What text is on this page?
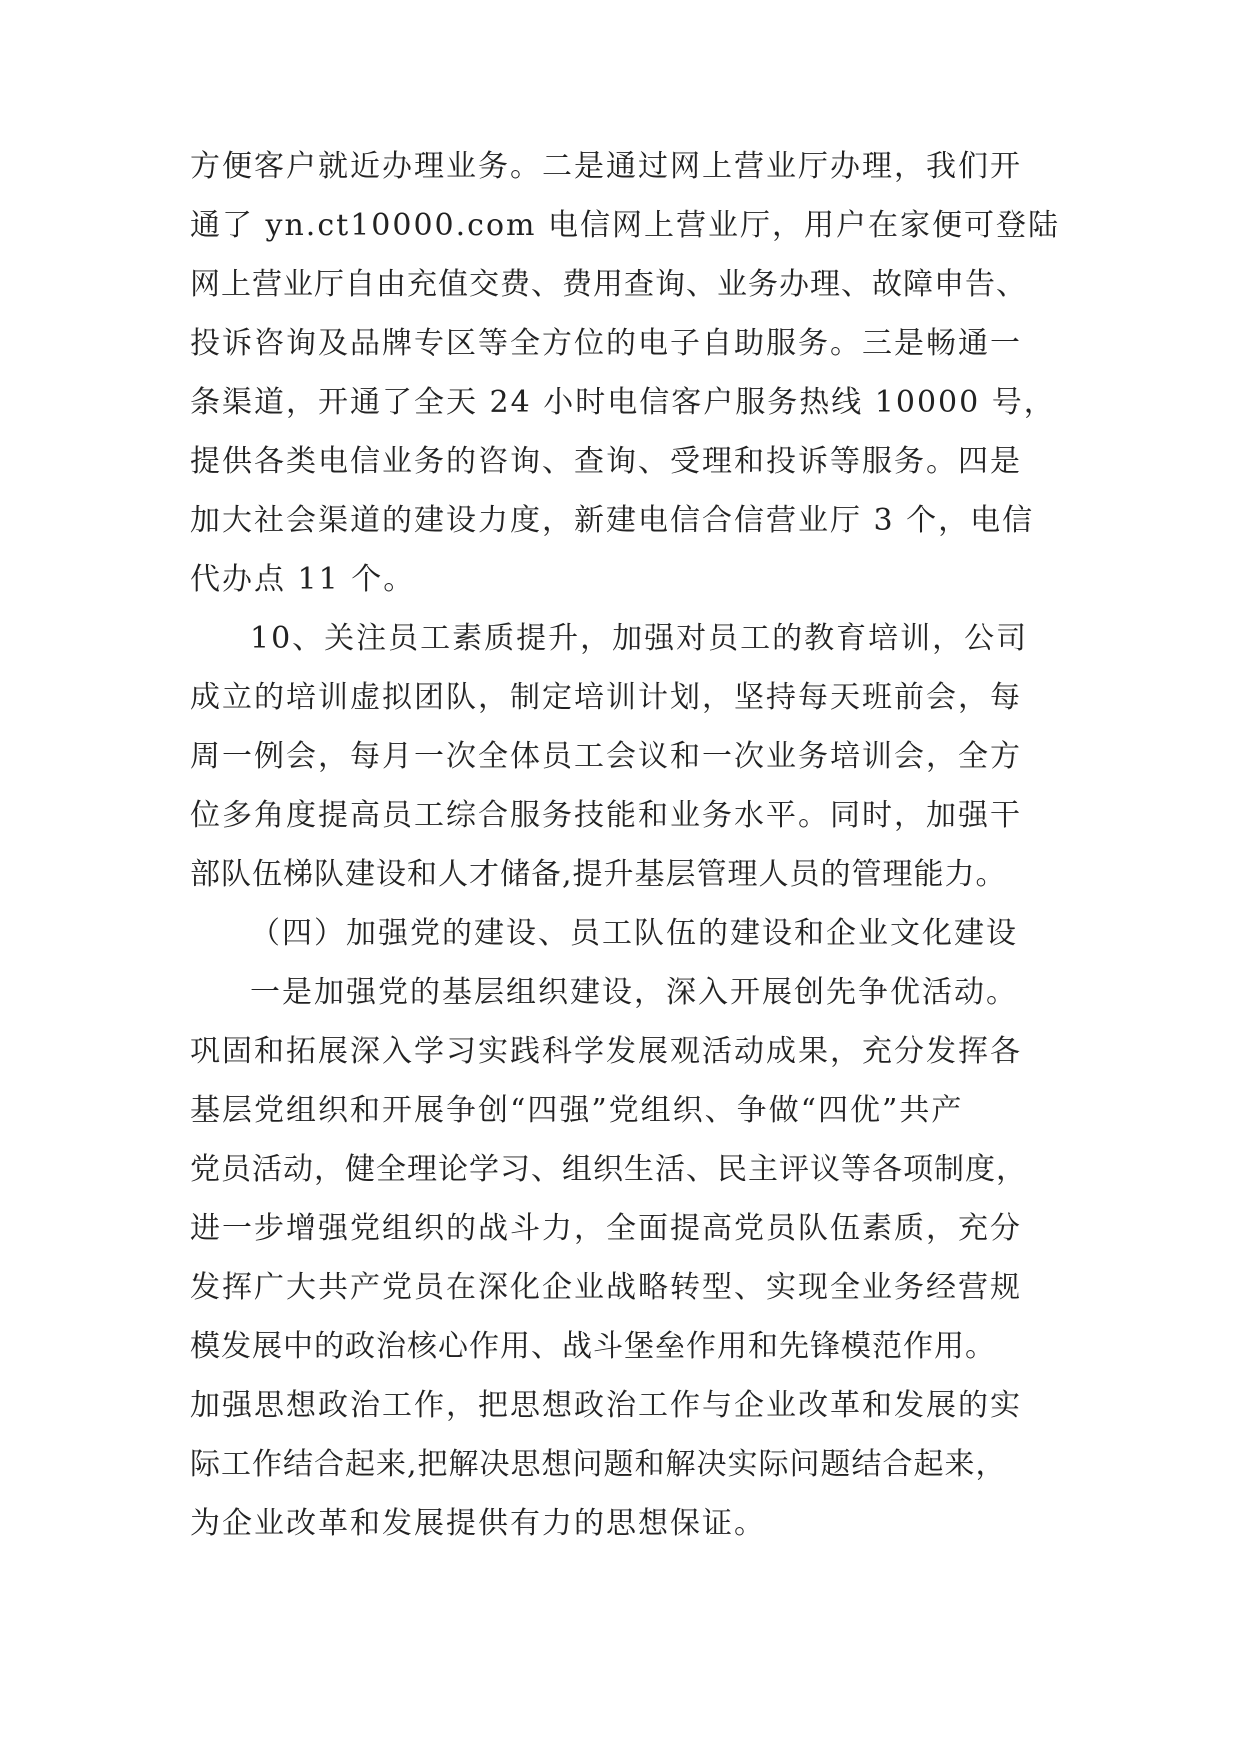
方便客户就近办理业务。二是通过网上营业厅办理，我们开
通了 yn.ct10000.com 电信网上营业厅，用户在家便可登陆
网上营业厅自由充值交费、费用查询、业务办理、故障申告、
投诉咨询及品牌专区等全方位的电子自助服务。三是畅通一
条渠道，开通了全天 24 小时电信客户服务热线 10000 号，
提供各类电信业务的咨询、查询、受理和投诉等服务。四是
加大社会渠道的建设力度，新建电信合信营业厅 3 个，电信
代办点 11 个。
10、关注员工素质提升，加强对员工的教育培训，公司
成立的培训虚拟团队，制定培训计划，坚持每天班前会，每
周一例会，每月一次全体员工会议和一次业务培训会，全方
位多角度提高员工综合服务技能和业务水平。同时，加强干
部队伍梯队建设和人才储备,提升基层管理人员的管理能力。
（四）加强党的建设、员工队伍的建设和企业文化建设
一是加强党的基层组织建设，深入开展创先争优活动。
巩固和拓展深入学习实践科学发展观活动成果，充分发挥各
基层党组织和开展争创“四强”党组织、争做“四优”共产
党员活动，健全理论学习、组织生活、民主评议等各项制度，
进一步增强党组织的战斗力，全面提高党员队伍素质，充分
发挥广大共产党员在深化企业战略转型、实现全业务经营规
模发展中的政治核心作用、战斗堡垒作用和先锋模范作用。
加强思想政治工作，把思想政治工作与企业改革和发展的实
际工作结合起来,把解决思想问题和解决实际问题结合起来，
为企业改革和发展提供有力的思想保证。
